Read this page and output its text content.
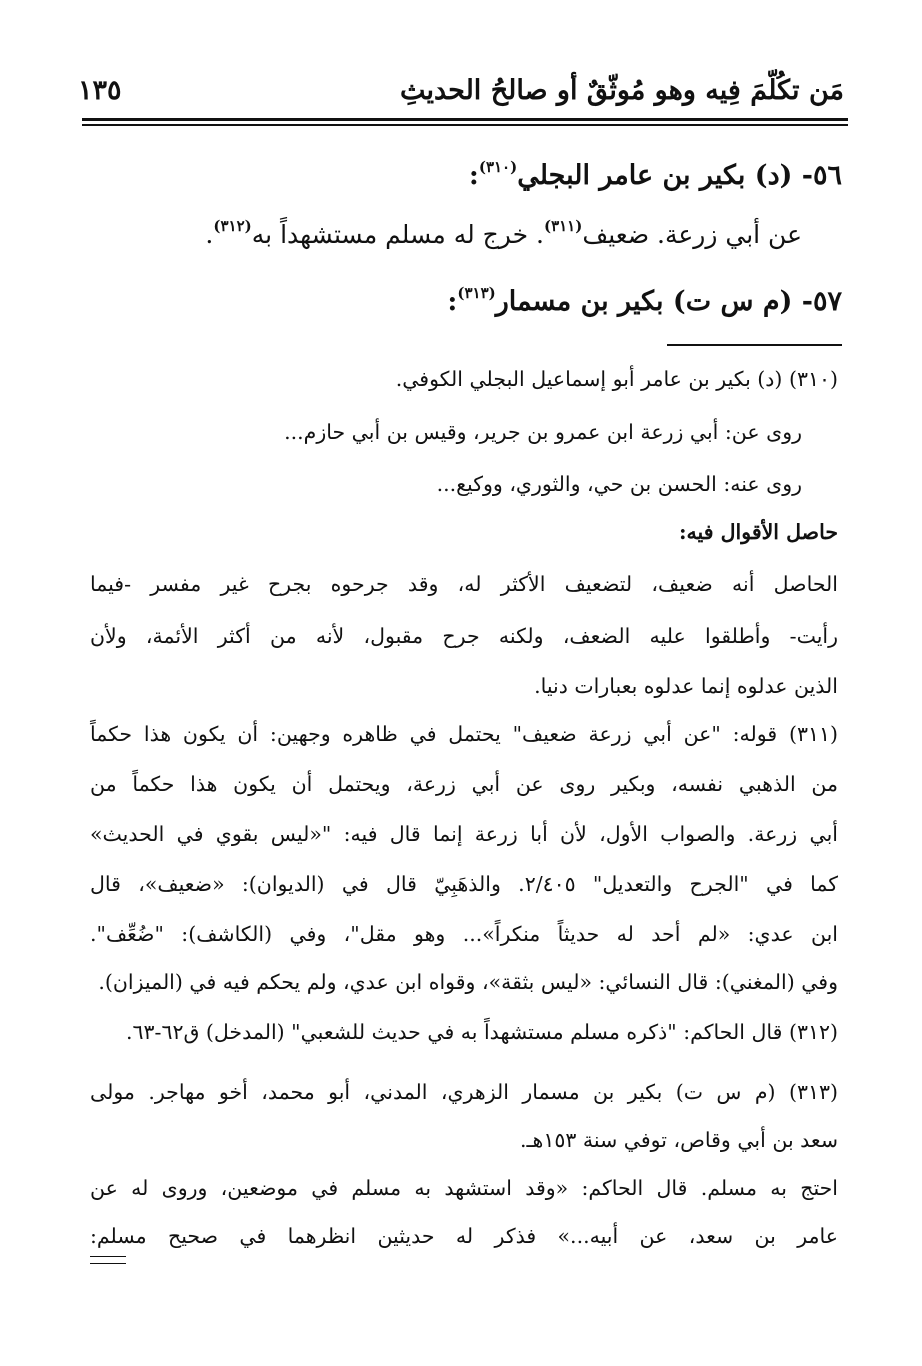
مَن تكُلّمَ فِيه وهو مُوثّقٌ أو صالحُ الحديثِ
١٣٥
٥٦- (د) بكير بن عامر البجلي$^{(٣١٠)}$:
عن أبي زرعة. ضعيف$^{(٣١١)}$. خرج له مسلم مستشهداً به$^{(٣١٢)}$.
٥٧- (م س ت) بكير بن مسمار$^{(٣١٣)}$:
(٣١٠) (د) بكير بن عامر أبو إسماعيل البجلي الكوفي.
روى عن: أبي زرعة ابن عمرو بن جرير، وقيس بن أبي حازم...
روى عنه: الحسن بن حي، والثوري، ووكيع...
حاصل الأقوال فيه:
الحاصل أنه ضعيف، لتضعيف الأكثر له، وقد جرحوه بجرح غير مفسر -فيما
رأيت- وأطلقوا عليه الضعف، ولكنه جرح مقبول، لأنه من أكثر الأئمة، ولأن
الذين عدلوه إنما عدلوه بعبارات دنيا.
(٣١١) قوله: "عن أبي زرعة ضعيف" يحتمل في ظاهره وجهين: أن يكون هذا حكماً
من الذهبي نفسه، وبكير روى عن أبي زرعة، ويحتمل أن يكون هذا حكماً من
أبي زرعة. والصواب الأول، لأن أبا زرعة إنما قال فيه: "«ليس بقوي في الحديث»
كما في "الجرح والتعديل" ٢/٤٠٥. والذهَبِيّ قال في (الديوان): «ضعيف»، قال
ابن عدي: «لم أحد له حديثاً منكراً»... وهو مقل"، وفي (الكاشف): "ضُعِّف".
وفي (المغني): قال النسائي: «ليس بثقة»، وقواه ابن عدي، ولم يحكم فيه في (الميزان).
(٣١٢) قال الحاكم: "ذكره مسلم مستشهداً به في حديث للشعبي" (المدخل) ق٦٢-٦٣.
(٣١٣) (م س ت) بكير بن مسمار الزهري، المدني، أبو محمد، أخو مهاجر. مولى
سعد بن أبي وقاص، توفي سنة ١٥٣هـ.
احتج به مسلم. قال الحاكم: «وقد استشهد به مسلم في موضعين، وروى له عن
عامر بن سعد، عن أبيه...» فذكر له حديثين انظرهما في صحيح مسلم:
